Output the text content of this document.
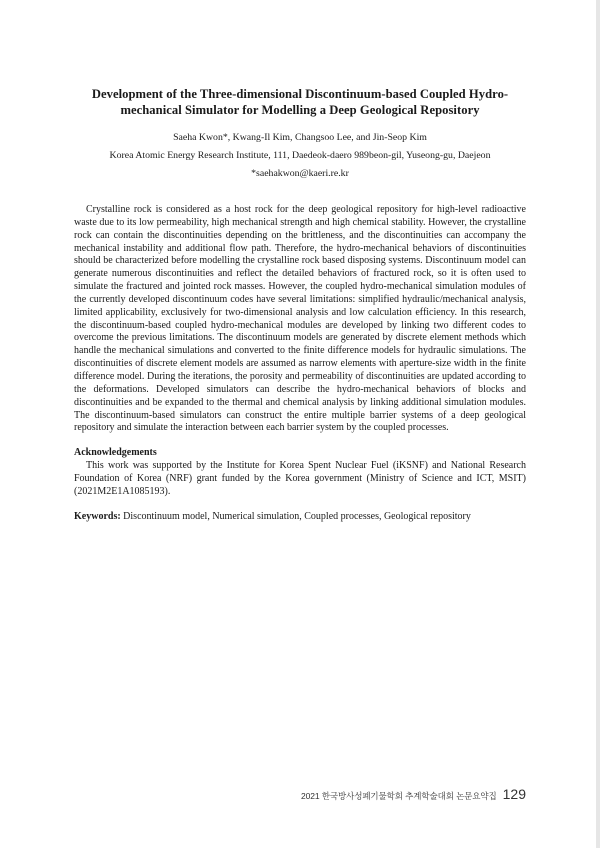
Development of the Three-dimensional Discontinuum-based Coupled Hydro-mechanical Simulator for Modelling a Deep Geological Repository

Saeha Kwon*, Kwang-Il Kim, Changsoo Lee, and Jin-Seop Kim

Korea Atomic Energy Research Institute, 111, Daedeok-daero 989beon-gil, Yuseong-gu, Daejeon

*saehakwon@kaeri.re.kr

Crystalline rock is considered as a host rock for the deep geological repository for high-level radioactive waste due to its low permeability, high mechanical strength and high chemical stability. However, the crystalline rock can contain the discontinuities depending on the brittleness, and the discontinuities can accompany the mechanical instability and additional flow path. Therefore, the hydro-mechanical behaviors of discontinuities should be characterized before modelling the crystalline rock based disposing systems. Discontinuum model can generate numerous discontinuities and reflect the detailed behaviors of fractured rock, so it is often used to simulate the fractured and jointed rock masses. However, the coupled hydro-mechanical simulation modules of the currently developed discontinuum codes have several limitations: simplified hydraulic/mechanical analysis, limited applicability, exclusively for two-dimensional analysis and low calculation efficiency. In this research, the discontinuum-based coupled hydro-mechanical modules are developed by linking two different codes to overcome the previous limitations. The discontinuum models are generated by discrete element methods which handle the mechanical simulations and converted to the finite difference models for hydraulic simulations. The discontinuities of discrete element models are assumed as narrow elements with aperture-size width in the finite difference model. During the iterations, the porosity and permeability of discontinuities are updated according to the deformations. Developed simulators can describe the hydro-mechanical behaviors of blocks and discontinuities and be expanded to the thermal and chemical analysis by linking additional simulation modules. The discontinuum-based simulators can construct the entire multiple barrier systems of a deep geological repository and simulate the interaction between each barrier system by the coupled processes.

Acknowledgements

This work was supported by the Institute for Korea Spent Nuclear Fuel (iKSNF) and National Research Foundation of Korea (NRF) grant funded by the Korea government (Ministry of Science and ICT, MSIT) (2021M2E1A1085193).

Keywords: Discontinuum model, Numerical simulation, Coupled processes, Geological repository

2021 한국방사성폐기물학회 추계학술대회 논문요약집 129
